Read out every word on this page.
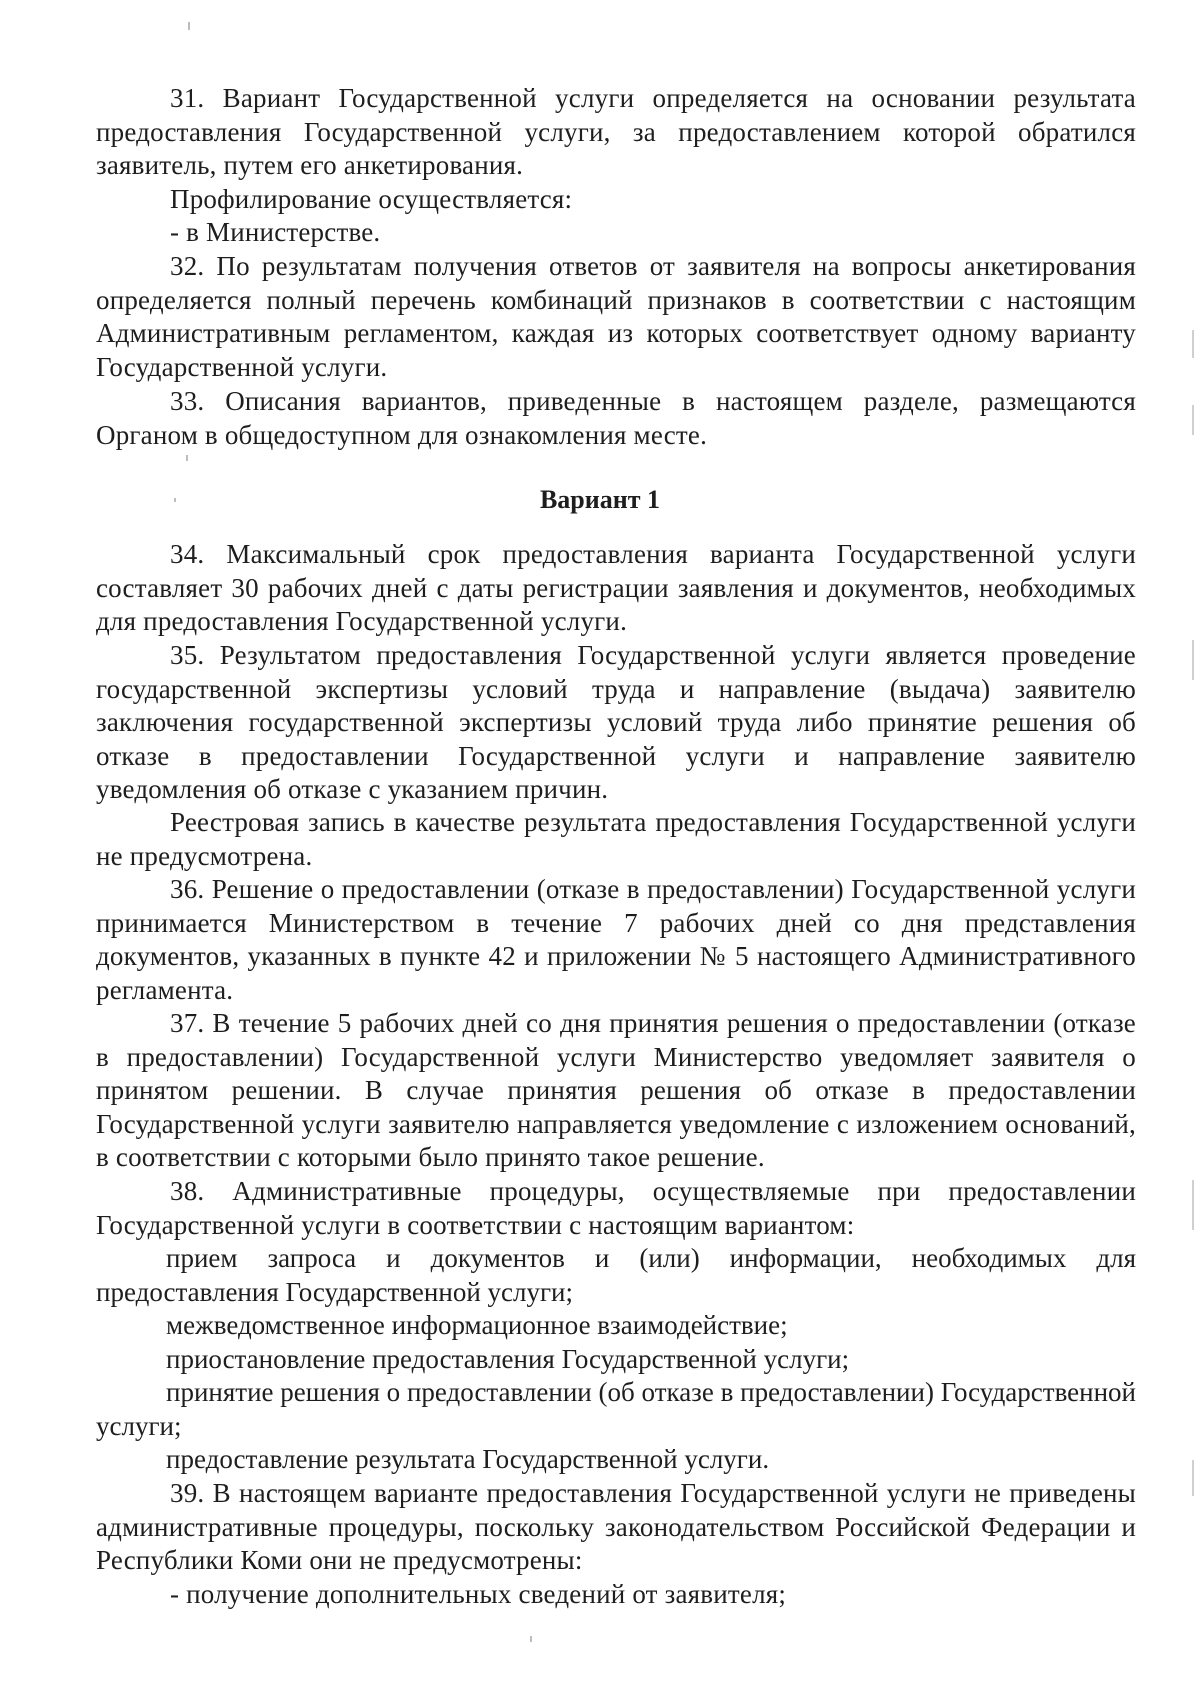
31. Вариант Государственной услуги определяется на основании результата предоставления Государственной услуги, за предоставлением которой обратился заявитель, путем его анкетирования.

Профилирование осуществляется:

- в Министерстве.

32. По результатам получения ответов от заявителя на вопросы анкетирования определяется полный перечень комбинаций признаков в соответствии с настоящим Административным регламентом, каждая из которых соответствует одному варианту Государственной услуги.

33. Описания вариантов, приведенные в настоящем разделе, размещаются Органом в общедоступном для ознакомления месте.

Вариант 1

34. Максимальный срок предоставления варианта Государственной услуги составляет 30 рабочих дней с даты регистрации заявления и документов, необходимых для предоставления Государственной услуги.

35. Результатом предоставления Государственной услуги является проведение государственной экспертизы условий труда и направление (выдача) заявителю заключения государственной экспертизы условий труда либо принятие решения об отказе в предоставлении Государственной услуги и направление заявителю уведомления об отказе с указанием причин.

Реестровая запись в качестве результата предоставления Государственной услуги не предусмотрена.

36. Решение о предоставлении (отказе в предоставлении) Государственной услуги принимается Министерством в течение 7 рабочих дней со дня представления документов, указанных в пункте 42 и приложении № 5 настоящего Административного регламента.

37. В течение 5 рабочих дней со дня принятия решения о предоставлении (отказе в предоставлении) Государственной услуги Министерство уведомляет заявителя о принятом решении. В случае принятия решения об отказе в предоставлении Государственной услуги заявителю направляется уведомление с изложением оснований, в соответствии с которыми было принято такое решение.

38. Административные процедуры, осуществляемые при предоставлении Государственной услуги в соответствии с настоящим вариантом:

прием запроса и документов и (или) информации, необходимых для предоставления Государственной услуги;

межведомственное информационное взаимодействие;

приостановление предоставления Государственной услуги;

принятие решения о предоставлении (об отказе в предоставлении) Государственной услуги;

предоставление результата Государственной услуги.

39. В настоящем варианте предоставления Государственной услуги не приведены административные процедуры, поскольку законодательством Российской Федерации и Республики Коми они не предусмотрены:

- получение дополнительных сведений от заявителя;
